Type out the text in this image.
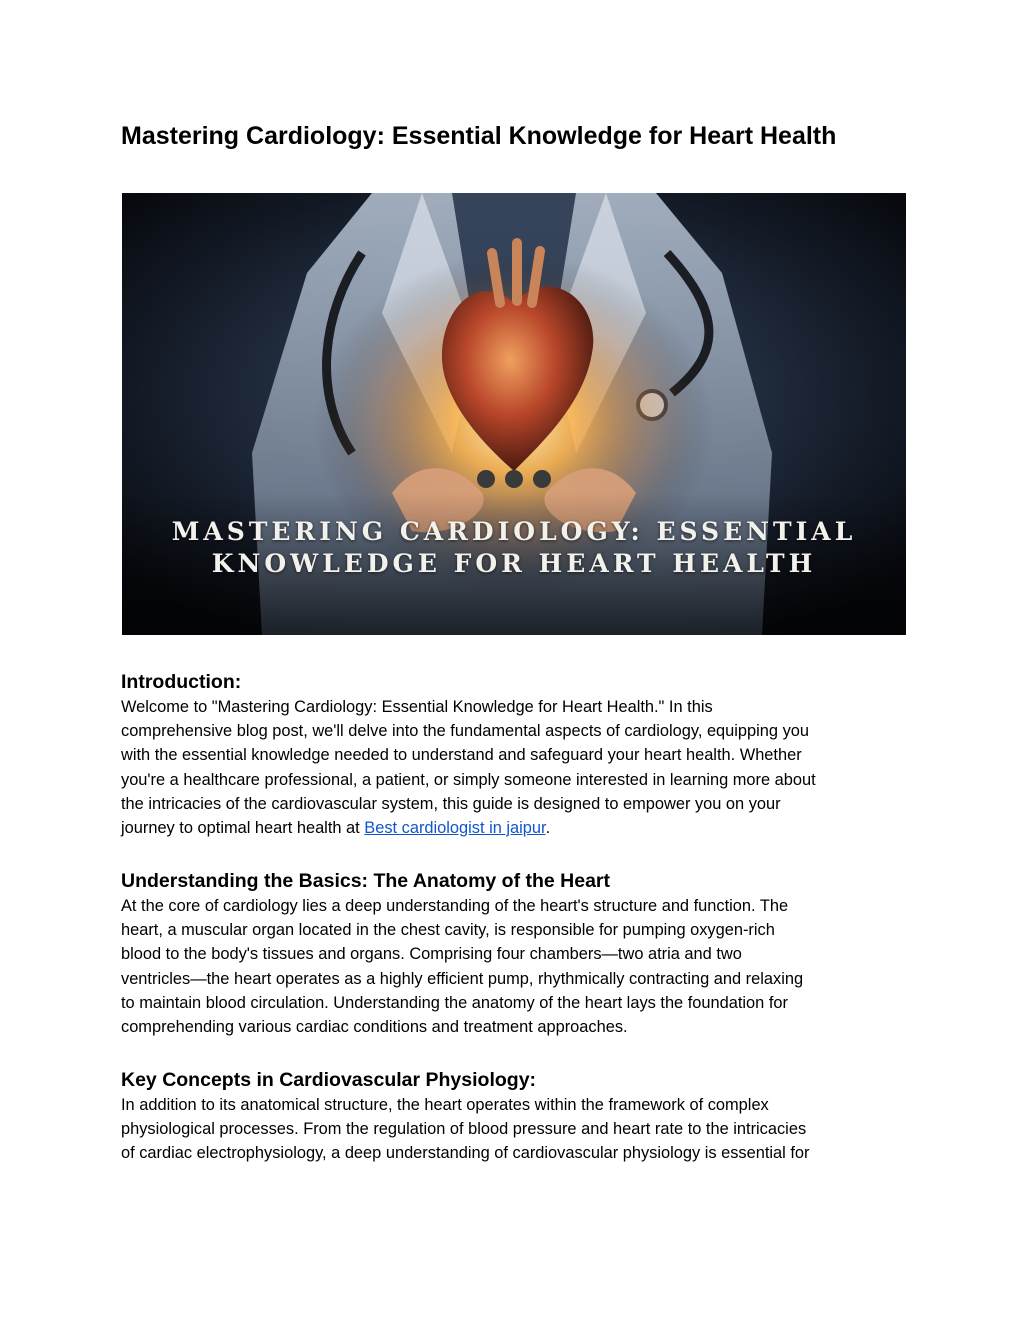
Mastering Cardiology: Essential Knowledge for Heart Health
MASTERING CARDIOLOGY: ESSENTIAL
KNOWLEDGE FOR HEART HEALTH
Introduction:

Welcome to "Mastering Cardiology: Essential Knowledge for Heart Health." In this

comprehensive blog post, we'll delve into the fundamental aspects of cardiology, equipping you

with the essential knowledge needed to understand and safeguard your heart health. Whether

you're a healthcare professional, a patient, or simply someone interested in learning more about

the intricacies of the cardiovascular system, this guide is designed to empower you on your

journey to optimal heart health at Best cardiologist in jaipur.

Understanding the Basics: The Anatomy of the Heart

At the core of cardiology lies a deep understanding of the heart's structure and function. The

heart, a muscular organ located in the chest cavity, is responsible for pumping oxygen-rich

blood to the body's tissues and organs. Comprising four chambers—two atria and two

ventricles—the heart operates as a highly efficient pump, rhythmically contracting and relaxing

to maintain blood circulation. Understanding the anatomy of the heart lays the foundation for

comprehending various cardiac conditions and treatment approaches.

Key Concepts in Cardiovascular Physiology:

In addition to its anatomical structure, the heart operates within the framework of complex

physiological processes. From the regulation of blood pressure and heart rate to the intricacies

of cardiac electrophysiology, a deep understanding of cardiovascular physiology is essential for
